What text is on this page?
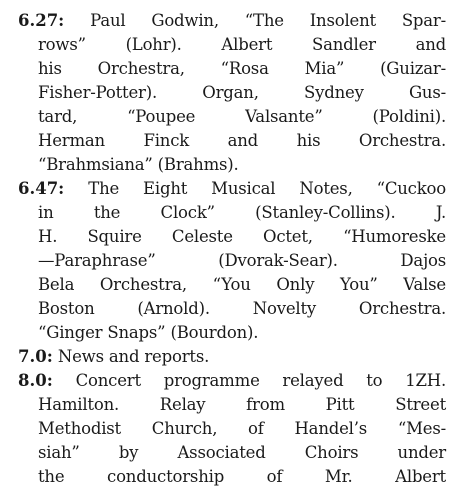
6.27: Paul Godwin, “The Insolent Spar-
rows” (Lohr). Albert Sandler and
his Orchestra, “Rosa Mia” (Guizar-
Fisher-Potter). Organ, Sydney Gus-
tard, “Poupee Valsante” (Poldini).
Herman Finck and his Orchestra.
“Brahmsiana” (Brahms).
6.47: The Eight Musical Notes, “Cuckoo
in the Clock” (Stanley-Collins). J.
H. Squire Celeste Octet, “Humoreske
—Paraphrase” (Dvorak-Sear). Dajos
Bela Orchestra, “You Only You” Valse
Boston (Arnold). Novelty Orchestra.
“Ginger Snaps” (Bourdon).
7.0: News and reports.
8.0: Concert programme relayed to 1ZH.
Hamilton. Relay from Pitt Street
Methodist Church, of Handel’s “Mes-
siah” by Associated Choirs under
the conductorship of Mr. Albert
